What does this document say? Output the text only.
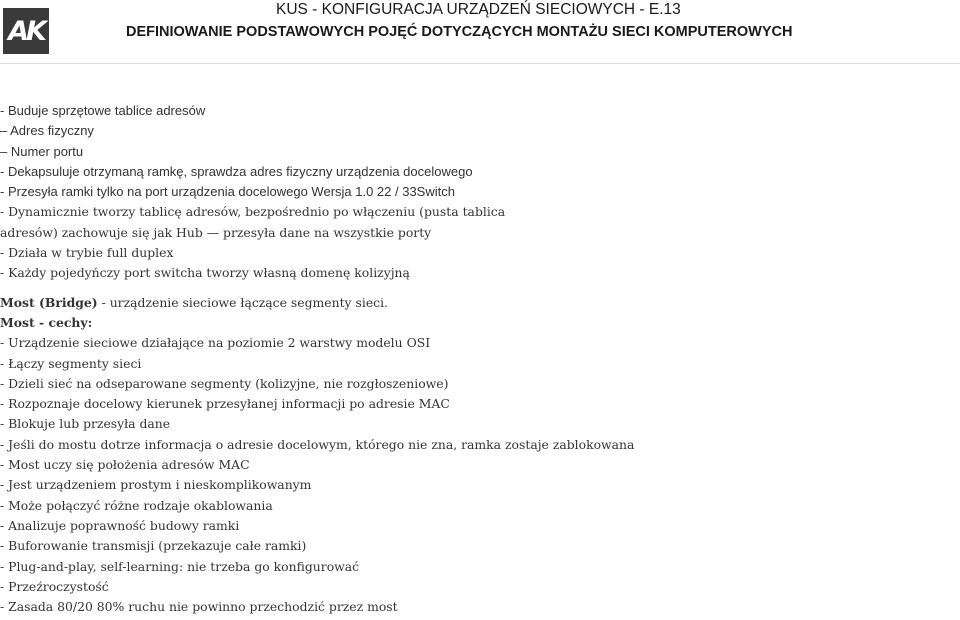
AK
KUS - KONFIGURACJA URZĄDZEŃ SIECIOWYCH - E.13
DEFINIOWANIE PODSTAWOWYCH POJĘĆ DOTYCZĄCYCH MONTAŻU SIECI KOMPUTEROWYCH
- Buduje sprzętowe tablice adresów
– Adres fizyczny
– Numer portu
- Dekapsuluje otrzymaną ramkę, sprawdza adres fizyczny urządzenia docelowego
- Przesyła ramki tylko na port urządzenia docelowego Wersja 1.0 22 / 33Switch
- Dynamicznie tworzy tablicę adresów, bezpośrednio po włączeniu (pusta tablica
adresów) zachowuje się jak Hub — przesyła dane na wszystkie porty
- Działa w trybie full duplex
- Każdy pojedyńczy port switcha tworzy własną domenę kolizyjną
Most (Bridge) - urządzenie sieciowe łączące segmenty sieci.
Most - cechy:
- Urządzenie sieciowe działające na poziomie 2 warstwy modelu OSI
- Łączy segmenty sieci
- Dzieli sieć na odseparowane segmenty (kolizyjne, nie rozgłoszeniowe)
- Rozpoznaje docelowy kierunek przesyłanej informacji po adresie MAC
- Blokuje lub przesyła dane
- Jeśli do mostu dotrze informacja o adresie docelowym, którego nie zna, ramka zostaje zablokowana
- Most uczy się położenia adresów MAC
- Jest urządzeniem prostym i nieskomplikowanym
- Może połączyć różne rodzaje okablowania
- Analizuje poprawność budowy ramki
- Buforowanie transmisji (przekazuje całe ramki)
- Plug-and-play, self-learning: nie trzeba go konfigurować
- Przeźroczystość
- Zasada 80/20 80% ruchu nie powinno przechodzić przez most
